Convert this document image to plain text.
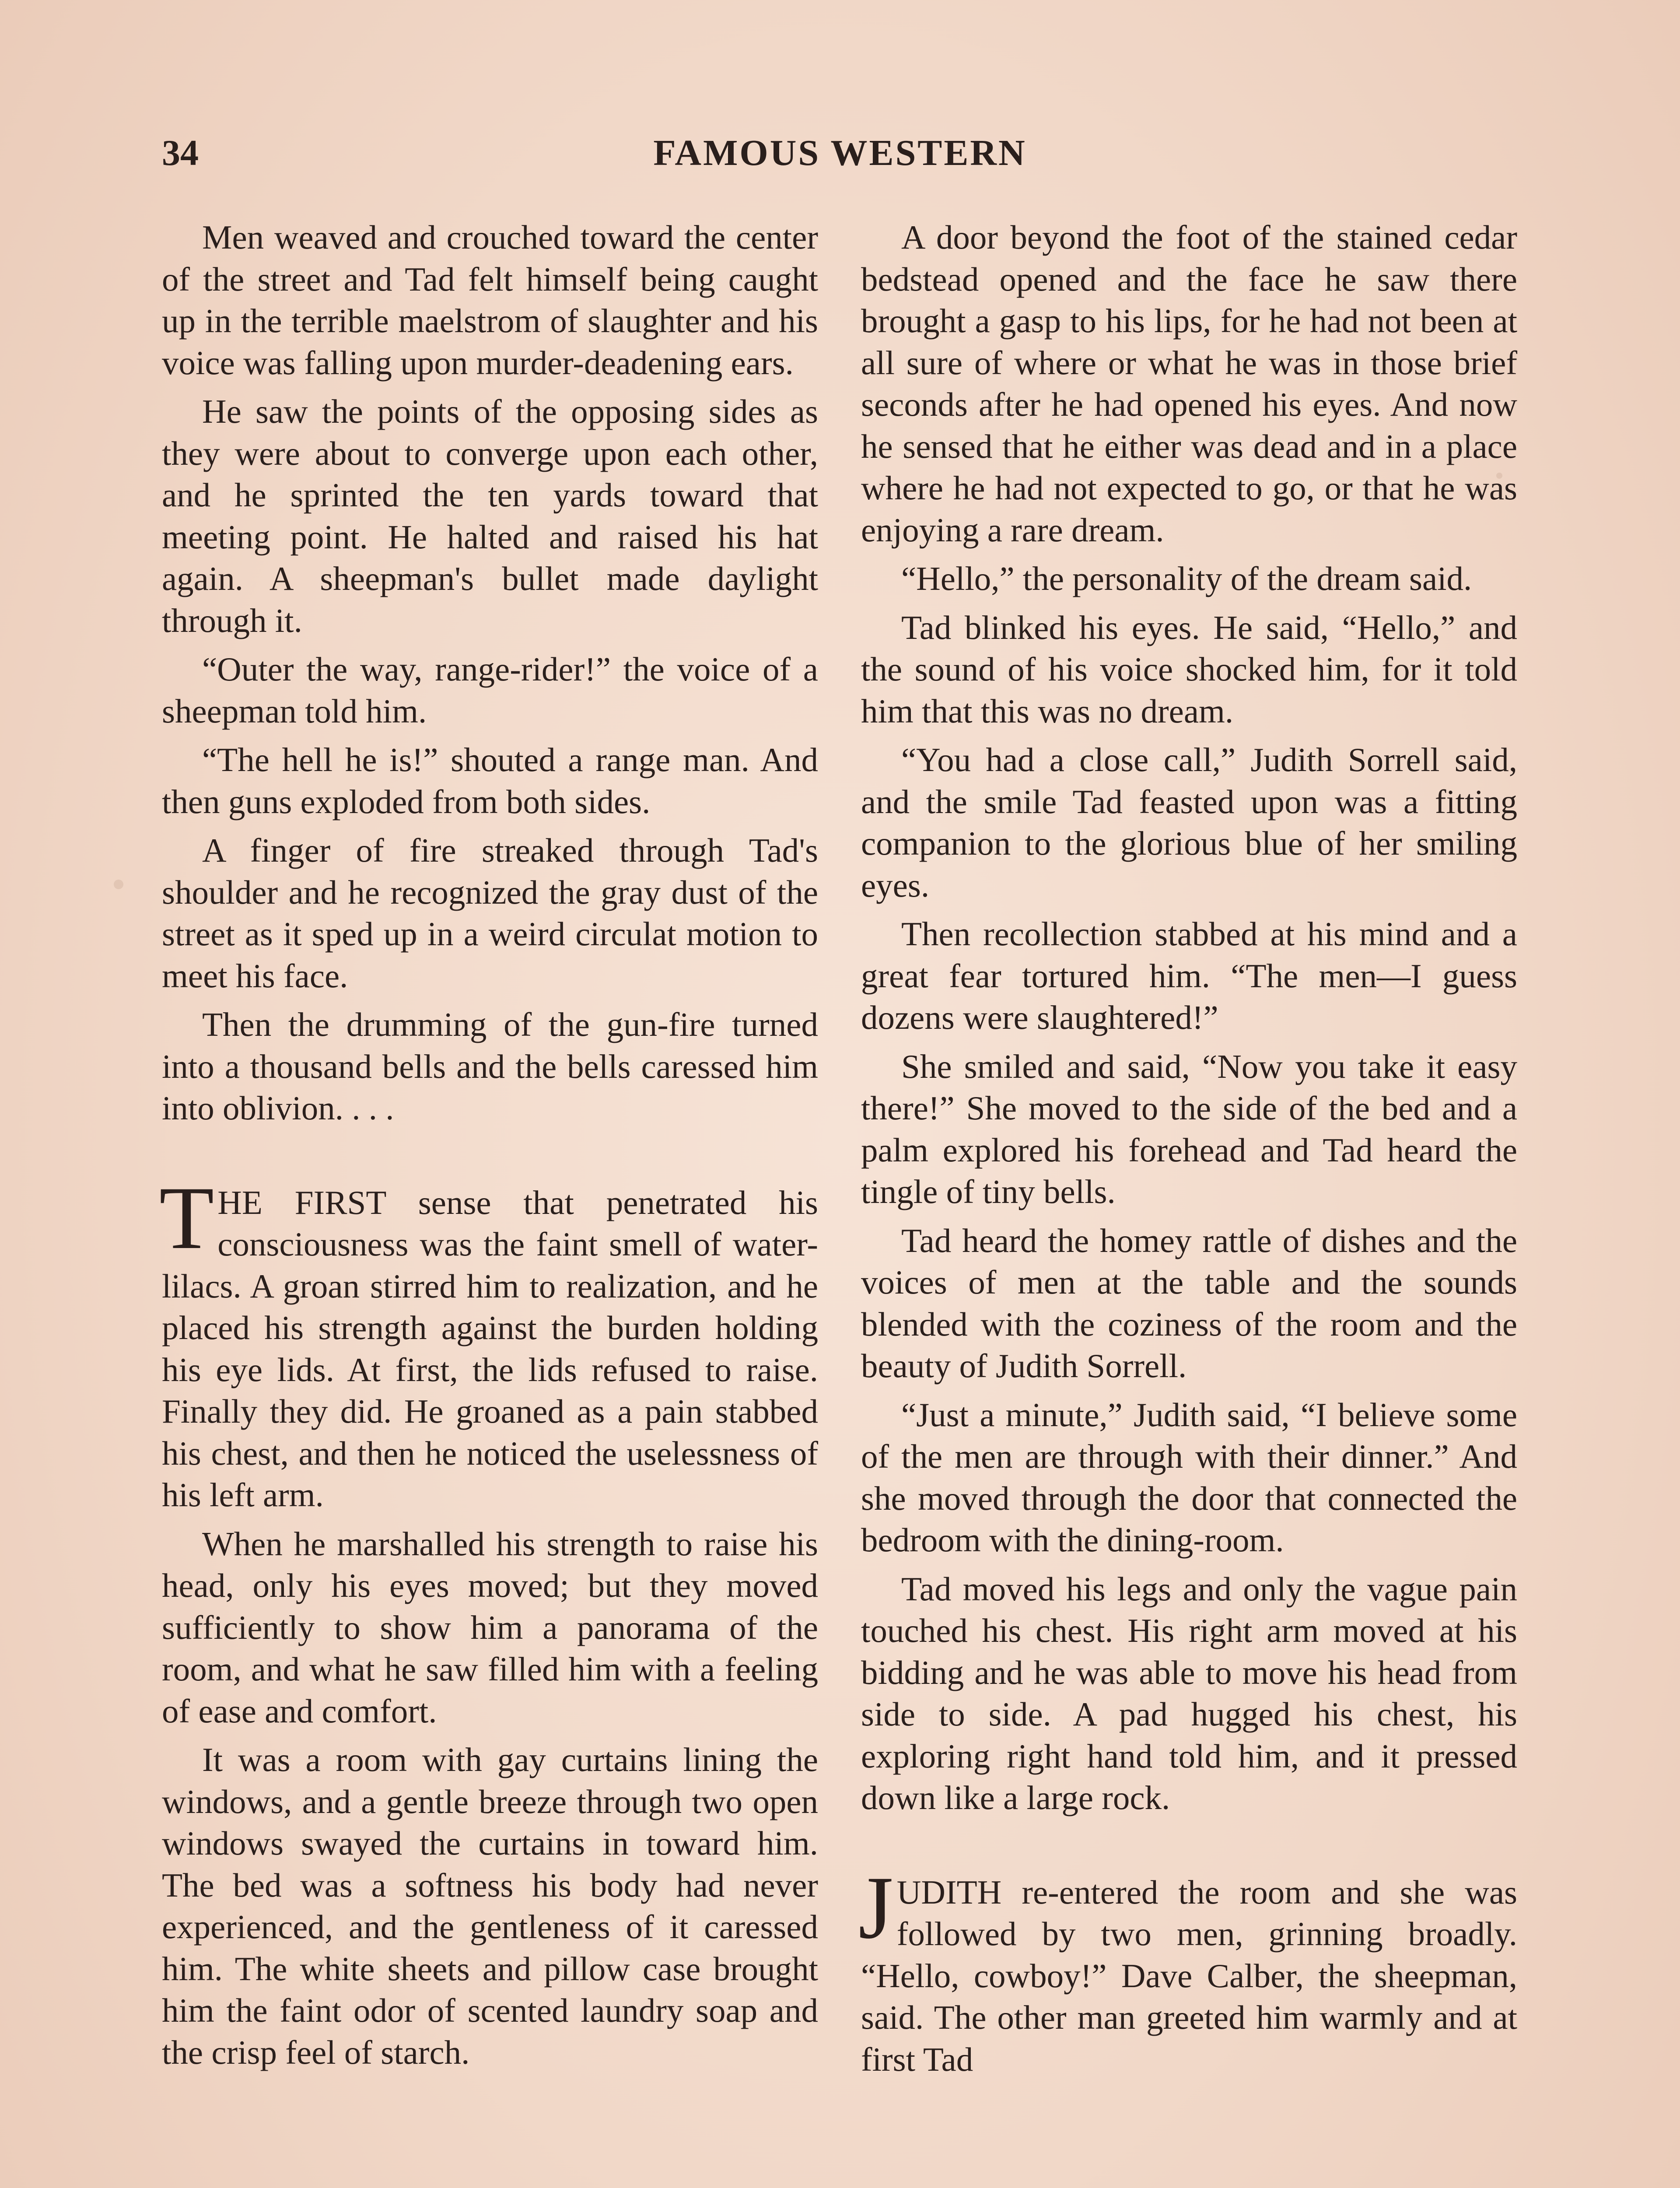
34	FAMOUS WESTERN

Men weaved and crouched toward the center of the street and Tad felt himself being caught up in the terrible maelstrom of slaughter and his voice was falling upon murder-deadening ears.

He saw the points of the opposing sides as they were about to converge upon each other, and he sprinted the ten yards toward that meeting point. He halted and raised his hat again. A sheepman's bullet made daylight through it.

“Outer the way, range-rider!” the voice of a sheepman told him.

“The hell he is!” shouted a range man. And then guns exploded from both sides.

A finger of fire streaked through Tad's shoulder and he recognized the gray dust of the street as it sped up in a weird circulat motion to meet his face.

Then the drumming of the gun-fire turned into a thousand bells and the bells caressed him into oblivion. . . .

THE FIRST sense that penetrated his consciousness was the faint smell of water-lilacs. A groan stirred him to realization, and he placed his strength against the burden holding his eye lids. At first, the lids refused to raise. Finally they did. He groaned as a pain stabbed his chest, and then he noticed the uselessness of his left arm.

When he marshalled his strength to raise his head, only his eyes moved; but they moved sufficiently to show him a panorama of the room, and what he saw filled him with a feeling of ease and comfort.

It was a room with gay curtains lining the windows, and a gentle breeze through two open windows swayed the curtains in toward him. The bed was a softness his body had never experienced, and the gentleness of it caressed him. The white sheets and pillow case brought him the faint odor of scented laundry soap and the crisp feel of starch.

A door beyond the foot of the stained cedar bedstead opened and the face he saw there brought a gasp to his lips, for he had not been at all sure of where or what he was in those brief seconds after he had opened his eyes. And now he sensed that he either was dead and in a place where he had not expected to go, or that he was enjoying a rare dream.

“Hello,” the personality of the dream said.

Tad blinked his eyes. He said, “Hello,” and the sound of his voice shocked him, for it told him that this was no dream.

“You had a close call,” Judith Sorrell said, and the smile Tad feasted upon was a fitting companion to the glorious blue of her smiling eyes.

Then recollection stabbed at his mind and a great fear tortured him. “The men—I guess dozens were slaughtered!”

She smiled and said, “Now you take it easy there!” She moved to the side of the bed and a palm explored his forehead and Tad heard the tingle of tiny bells.

Tad heard the homey rattle of dishes and the voices of men at the table and the sounds blended with the coziness of the room and the beauty of Judith Sorrell.

“Just a minute,” Judith said, “I believe some of the men are through with their dinner.” And she moved through the door that connected the bedroom with the dining-room.

Tad moved his legs and only the vague pain touched his chest. His right arm moved at his bidding and he was able to move his head from side to side. A pad hugged his chest, his exploring right hand told him, and it pressed down like a large rock.

JUDITH re-entered the room and she was followed by two men, grinning broadly. “Hello, cowboy!” Dave Calber, the sheepman, said. The other man greeted him warmly and at first Tad
